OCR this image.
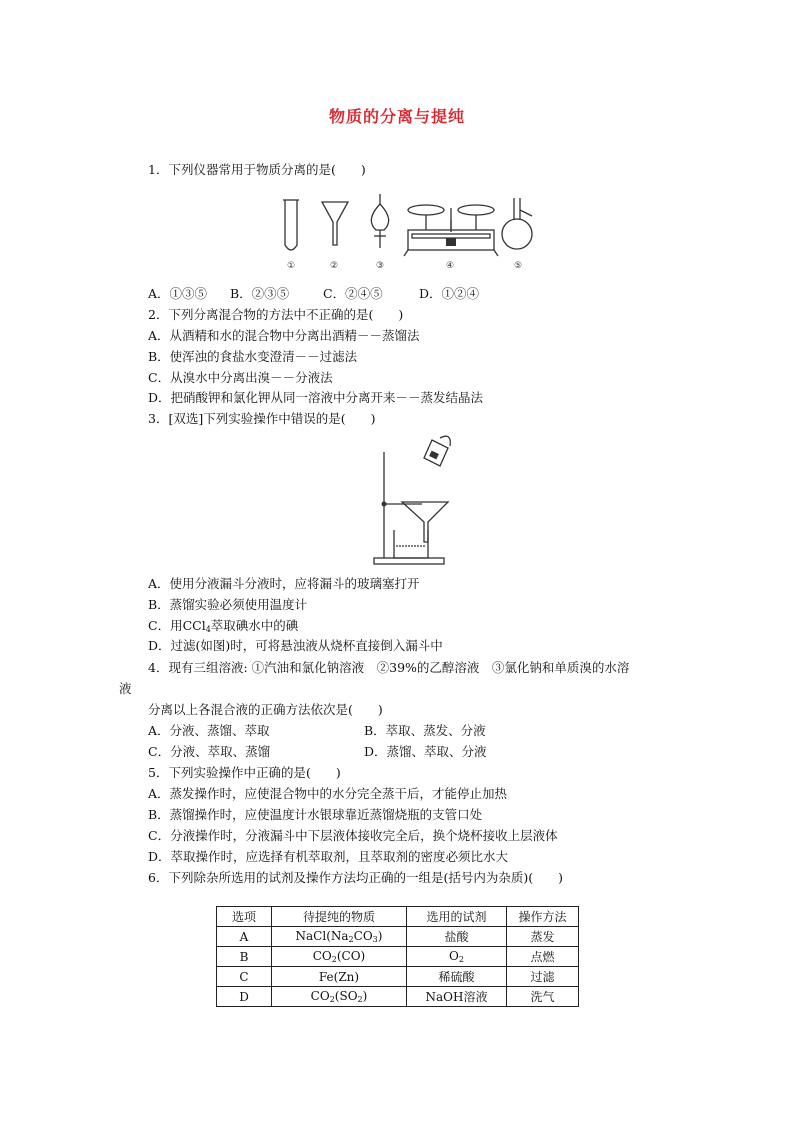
物质的分离与提纯
1．下列仪器常用于物质分离的是(　　)
①	②	③	④	⑤
A．①③⑤ B．②③⑤	C．②④⑤	D．①②④
2．下列分离混合物的方法中不正确的是(　　)
A．从酒精和水的混合物中分离出酒精－－蒸馏法
B．使浑浊的食盐水变澄清－－过滤法
C．从溴水中分离出溴－－分液法
D．把硝酸钾和氯化钾从同一溶液中分离开来－－蒸发结晶法
3．[双选]下列实验操作中错误的是(　　)
A．使用分液漏斗分液时，应将漏斗的玻璃塞打开
B．蒸馏实验必须使用温度计
C．用CCl$_4$萃取碘水中的碘
D．过滤(如图)时，可将悬浊液从烧杯直接倒入漏斗中
4．现有三组溶液: ①汽油和氯化钠溶液　②39%的乙醇溶液　③氯化钠和单质溴的水溶
液
分离以上各混合液的正确方法依次是(　　)
A．分液、蒸馏、萃取	B．萃取、蒸发、分液
C．分液、萃取、蒸馏	D．蒸馏、萃取、分液
5．下列实验操作中正确的是(　　)
A．蒸发操作时，应使混合物中的水分完全蒸干后，才能停止加热
B．蒸馏操作时，应使温度计水银球靠近蒸馏烧瓶的支管口处
C．分液操作时，分液漏斗中下层液体接收完全后，换个烧杯接收上层液体
D．萃取操作时，应选择有机萃取剂，且萃取剂的密度必须比水大
6．下列除杂所选用的试剂及操作方法均正确的一组是(括号内为杂质)(　　)
选项	待提纯的物质	选用的试剂	操作方法
A	$NaCl(Na_2CO_3)$	盐酸	蒸发
B	$CO_2(CO)$	$O_2$	点燃
C	Fe(Zn)	稀硫酸	过滤
D	$CO_2(SO_2)$	NaOH溶液	洗气
